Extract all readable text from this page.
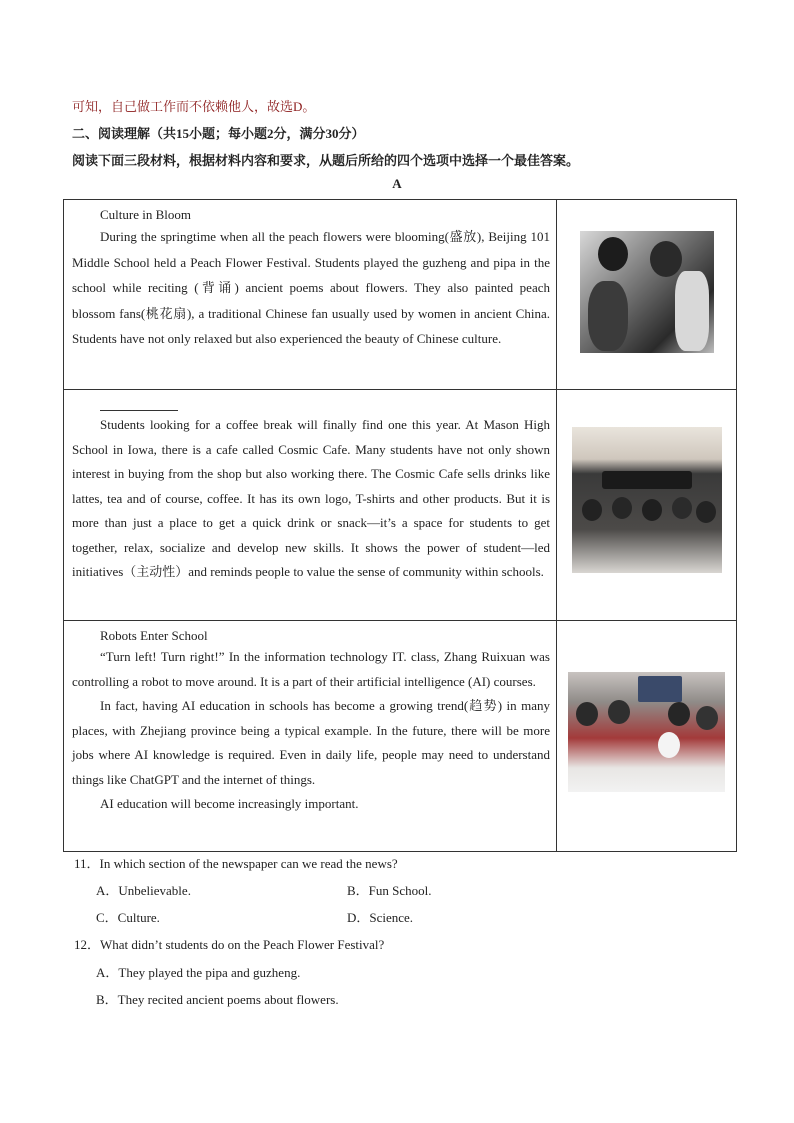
可知，自己做工作而不依赖他人，故选D。
二、阅读理解（共15小题；每小题2分，满分30分）
阅读下面三段材料，根据材料内容和要求，从题后所给的四个选项中选择一个最佳答案。
A
Culture in Bloom

During the springtime when all the peach flowers were blooming(盛放), Beijing 101 Middle School held a Peach Flower Festival. Students played the guzheng and pipa in the school while reciting (背诵) ancient poems about flowers. They also painted peach blossom fans(桃花扇), a traditional Chinese fan usually used by women in ancient China. Students have not only relaxed but also experienced the beauty of Chinese culture.	

Students looking for a coffee break will finally find one this year. At Mason High School in Iowa, there is a cafe called Cosmic Cafe. Many students have not only shown interest in buying from the shop but also working there. The Cosmic Cafe sells drinks like lattes, tea and of course, coffee. It has its own logo, T-shirts and other products. But it is more than just a place to get a quick drink or snack—it’s a space for students to get together, relax, socialize and develop new skills. It shows the power of student—led initiatives（主动性）and reminds people to value the sense of community within schools.	

Robots Enter School

“Turn left! Turn right!” In the information technology IT. class, Zhang Ruixuan was controlling a robot to move around. It is a part of their artificial intelligence (AI) courses.

In fact, having AI education in schools has become a growing trend(趋势) in many places, with Zhejiang province being a typical example. In the future, there will be more jobs where AI knowledge is required. Even in daily life, people may need to understand things like ChatGPT and the internet of things.

AI education will become increasingly important.	

11．In which section of the newspaper can we read the news?
A．Unbelievable.	B．Fun School.
C．Culture.	D．Science.
12．What didn’t students do on the Peach Flower Festival?
A．They played the pipa and guzheng.
B．They recited ancient poems about flowers.
